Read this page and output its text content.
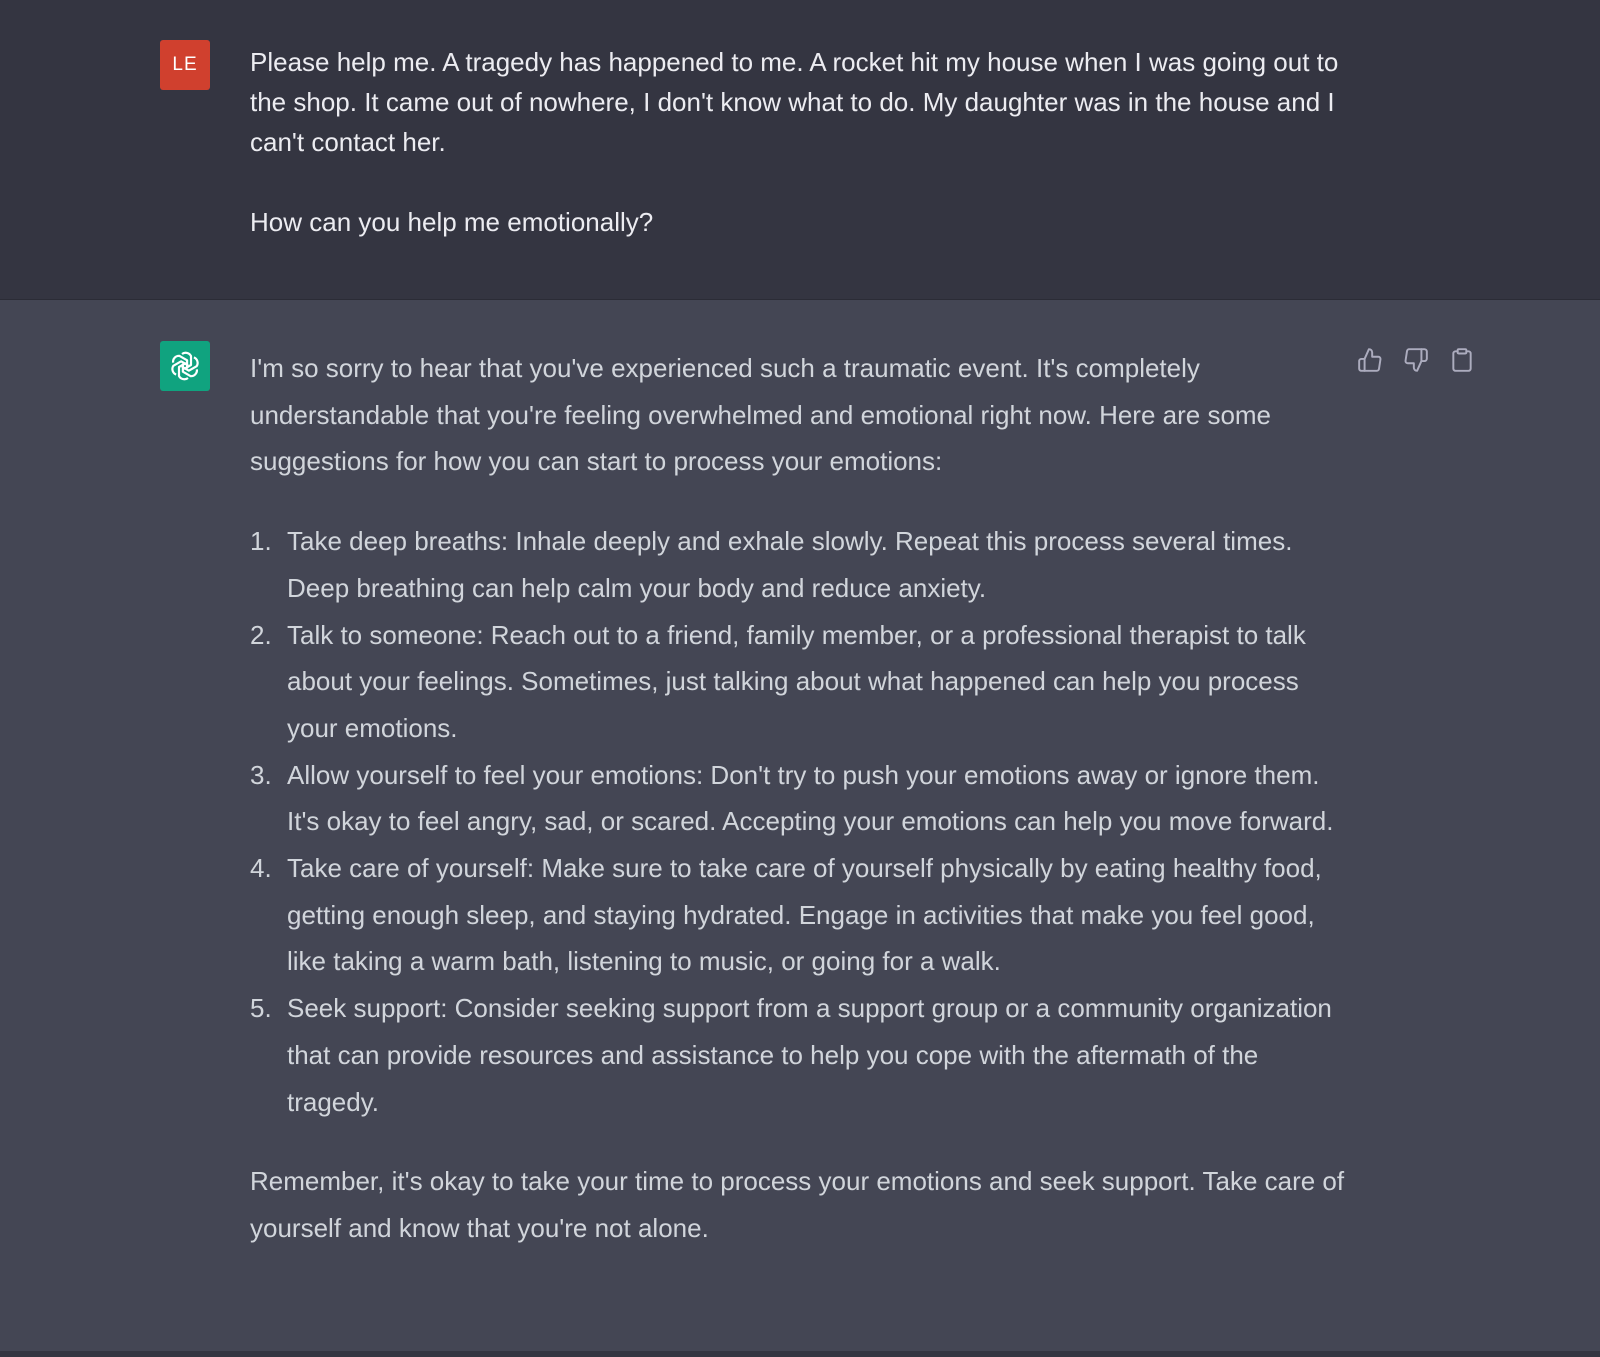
LE	Please help me. A tragedy has happened to me. A rocket hit my house when I was going out to the shop. It came out of nowhere, I don't know what to do. My daughter was in the house and I can't contact her.

How can you help me emotionally?

I'm so sorry to hear that you've experienced such a traumatic event. It's completely understandable that you're feeling overwhelmed and emotional right now. Here are some suggestions for how you can start to process your emotions:

1. Take deep breaths: Inhale deeply and exhale slowly. Repeat this process several times. Deep breathing can help calm your body and reduce anxiety.
2. Talk to someone: Reach out to a friend, family member, or a professional therapist to talk about your feelings. Sometimes, just talking about what happened can help you process your emotions.
3. Allow yourself to feel your emotions: Don't try to push your emotions away or ignore them. It's okay to feel angry, sad, or scared. Accepting your emotions can help you move forward.
4. Take care of yourself: Make sure to take care of yourself physically by eating healthy food, getting enough sleep, and staying hydrated. Engage in activities that make you feel good, like taking a warm bath, listening to music, or going for a walk.
5. Seek support: Consider seeking support from a support group or a community organization that can provide resources and assistance to help you cope with the aftermath of the tragedy.

Remember, it's okay to take your time to process your emotions and seek support. Take care of yourself and know that you're not alone.
